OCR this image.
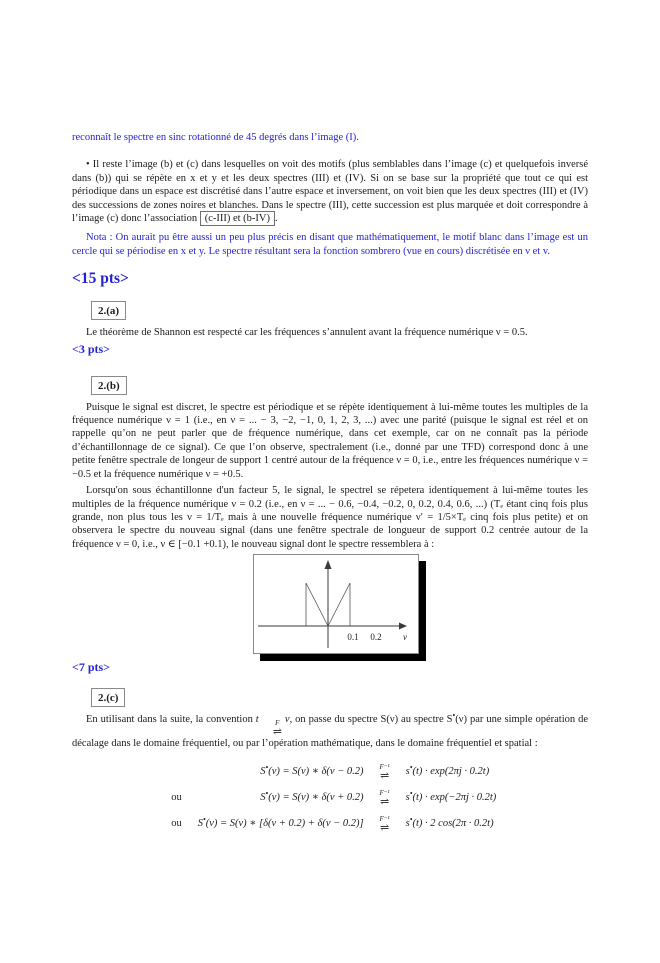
reconnaît le spectre en sinc rotationné de 45 degrés dans l’image (I).

• Il reste l’image (b) et (c) dans lesquelles on voit des motifs (plus semblables dans l’image (c) et quelquefois inversé dans (b)) qui se répète en x et y et les deux spectres (III) et (IV). Si on se base sur la propriété que tout ce qui est périodique dans un espace est discrétisé dans l’autre espace et inversement, on voit bien que les deux spectres (III) et (IV) des successions de zones noires et blanches. Dans le spectre (III), cette succession est plus marquée et doit correspondre à l’image (c) donc l’association (c-III) et (b-IV) .

Nota : On aurait pu être aussi un peu plus précis en disant que mathématiquement, le motif blanc dans l’image est un cercle qui se périodise en x et y. Le spectre résultant sera la fonction sombrero (vue en cours) discrétisée en ν et v.

<15 pts>

2.(a)

Le théorème de Shannon est respecté car les fréquences s’annulent avant la fréquence numérique ν = 0.5.

<3 pts>

2.(b)

Puisque le signal est discret, le spectre est périodique et se répète identiquement à lui-même toutes les multiples de la fréquence numérique ν = 1 (i.e., en ν = ... − 3, −2, −1, 0, 1, 2, 3, ...) avec une parité (puisque le signal est réel et on rappelle qu’on ne peut parler que de fréquence numérique, dans cet exemple, car on ne connaît pas la période d’échantillonnage de ce signal). Ce que l’on observe, spectralement (i.e., donné par une TFD) correspond donc à une petite fenêtre spectrale de longeur de support 1 centré autour de la fréquence ν = 0, i.e., entre les fréquences numérique ν = −0.5 et la fréquence numérique ν = +0.5.

Lorsqu'on sous échantillonne d'un facteur 5, le signal, le spectrel se répetera identiquement à lui-même toutes les multiples de la fréquence numérique ν = 0.2 (i.e., en ν = ... − 0.6, −0.4, −0.2, 0, 0.2, 0.4, 0.6, ...) (Tₑ étant cinq fois plus grande, non plus tous les ν = 1/Tₑ mais à une nouvelle fréquence numérique ν′ = 1/5×Tₑ cinq fois plus petite) et on observera le spectre du nouveau signal (dans une fenêtre spectrale de longueur de support 0.2 centrée autour de la fréquence ν = 0, i.e., ν ∈ [−0.1 +0.1), le nouveau signal dont le spectre ressemblera à :

0.1 0.2 ν

<7 pts>

2.(c)

En utilisant dans la suite, la convention t	F
⇌
ν, on passe du spectre S(ν) au spectre S•(ν) par une simple opération de décalage dans le domaine fréquentiel, ou par l’opération mathématique, dans le domaine fréquentiel et spatial :

S•(ν) = S(ν) ∗ δ(ν − 0.2) F⁻¹
⇌ s•(t) · exp(2πj · 0.2t)
ou	S•(ν) = S(ν) ∗ δ(ν + 0.2) F⁻¹
⇌ s•(t) · exp(−2πj · 0.2t)
ou S•(ν) = S(ν) ∗ [δ(ν + 0.2) + δ(ν − 0.2)] F⁻¹
⇌ s•(t) · 2 cos(2π · 0.2t)
